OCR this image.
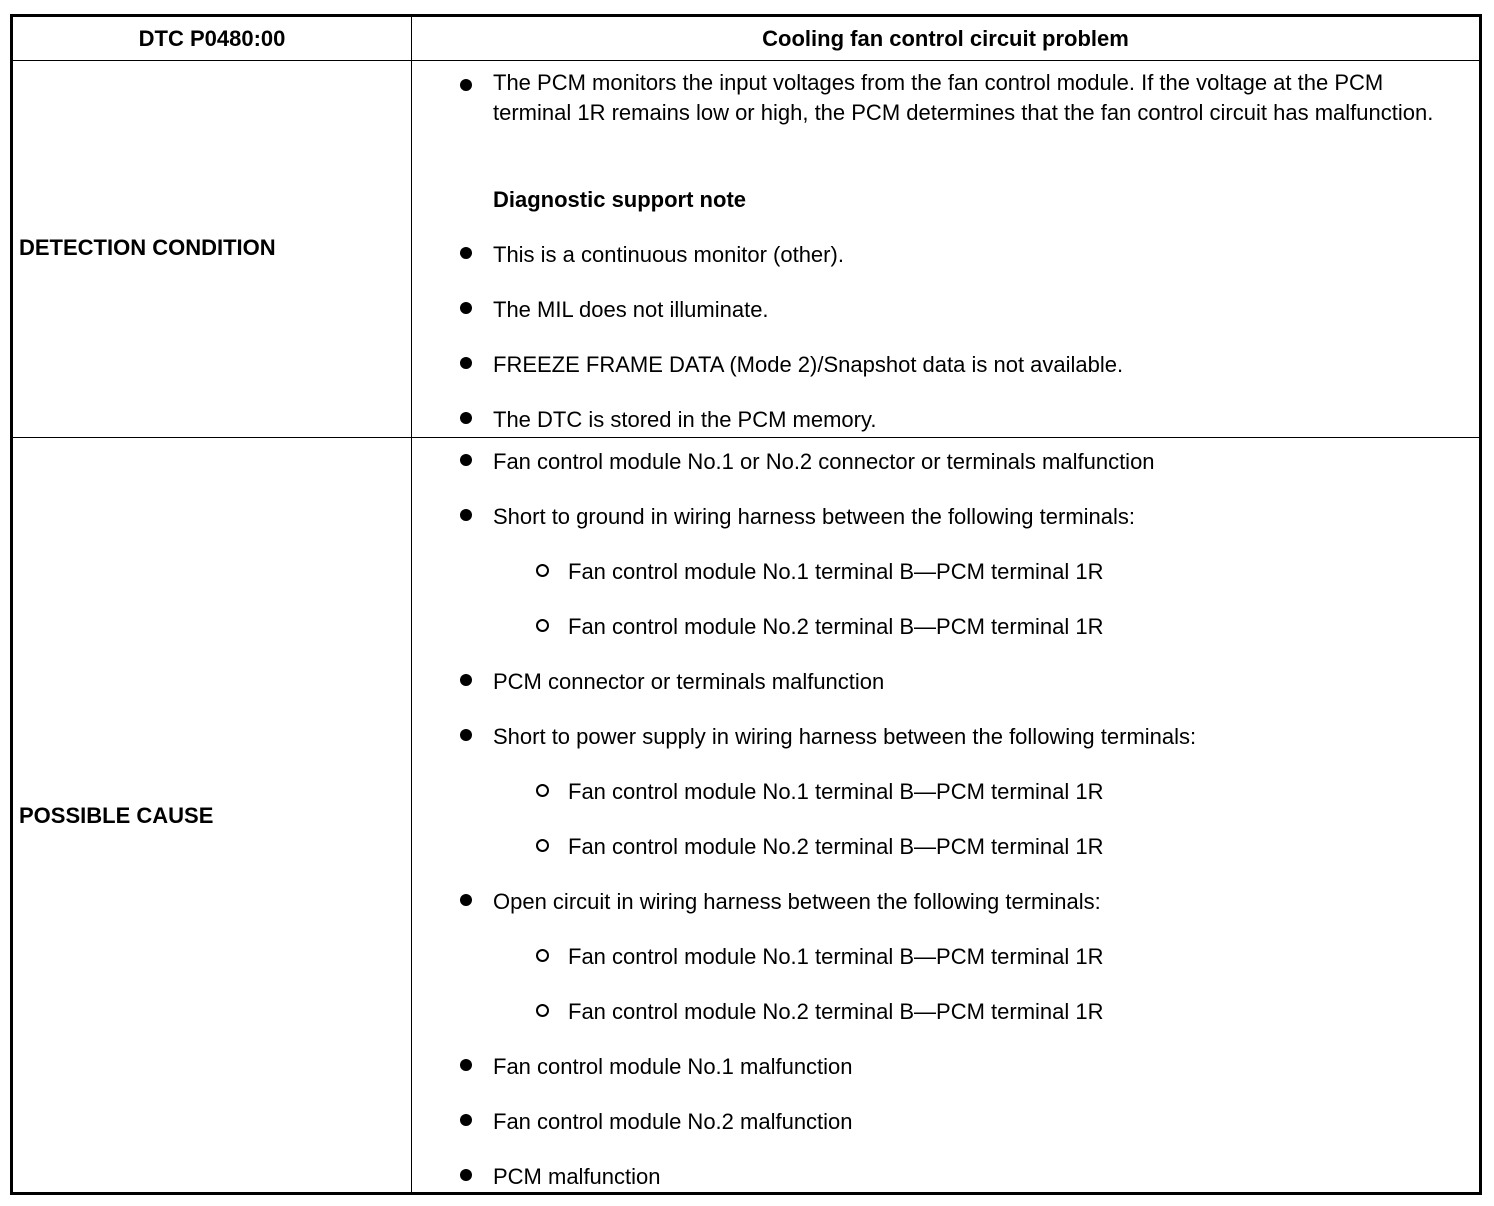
DTC P0480:00	Cooling fan control circuit problem
DETECTION CONDITION
POSSIBLE CAUSE
The PCM monitors the input voltages from the fan control module. If the voltage at the PCM terminal 1R remains low or high, the PCM determines that the fan control circuit has malfunction.
Diagnostic support note
This is a continuous monitor (other).
The MIL does not illuminate.
FREEZE FRAME DATA (Mode 2)/Snapshot data is not available.
The DTC is stored in the PCM memory.
Fan control module No.1 or No.2 connector or terminals malfunction
Short to ground in wiring harness between the following terminals:
Fan control module No.1 terminal B—PCM terminal 1R
Fan control module No.2 terminal B—PCM terminal 1R
PCM connector or terminals malfunction
Short to power supply in wiring harness between the following terminals:
Fan control module No.1 terminal B—PCM terminal 1R
Fan control module No.2 terminal B—PCM terminal 1R
Open circuit in wiring harness between the following terminals:
Fan control module No.1 terminal B—PCM terminal 1R
Fan control module No.2 terminal B—PCM terminal 1R
Fan control module No.1 malfunction
Fan control module No.2 malfunction
PCM malfunction
